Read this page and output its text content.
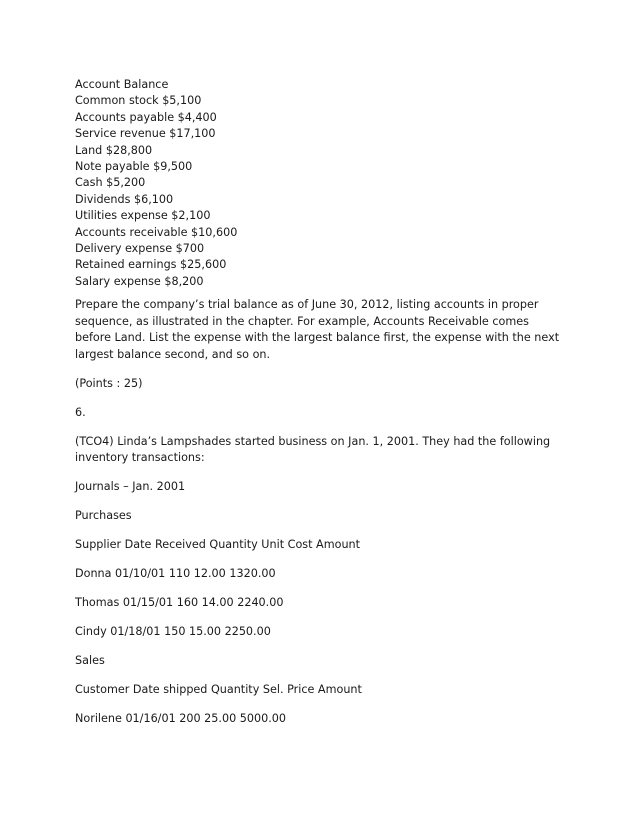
Account Balance
Common stock $5,100
Accounts payable $4,400
Service revenue $17,100
Land $28,800
Note payable $9,500
Cash $5,200
Dividends $6,100
Utilities expense $2,100
Accounts receivable $10,600
Delivery expense $700
Retained earnings $25,600
Salary expense $8,200

Prepare the company’s trial balance as of June 30, 2012, listing accounts in proper sequence, as illustrated in the chapter. For example, Accounts Receivable comes before Land. List the expense with the largest balance first, the expense with the next largest balance second, and so on.

(Points : 25)

6.

(TCO4) Linda’s Lampshades started business on Jan. 1, 2001. They had the following inventory transactions:

Journals – Jan. 2001

Purchases

Supplier Date Received Quantity Unit Cost Amount

Donna 01/10/01 110 12.00 1320.00

Thomas 01/15/01 160 14.00 2240.00

Cindy 01/18/01 150 15.00 2250.00

Sales

Customer Date shipped Quantity Sel. Price Amount

Norilene 01/16/01 200 25.00 5000.00
